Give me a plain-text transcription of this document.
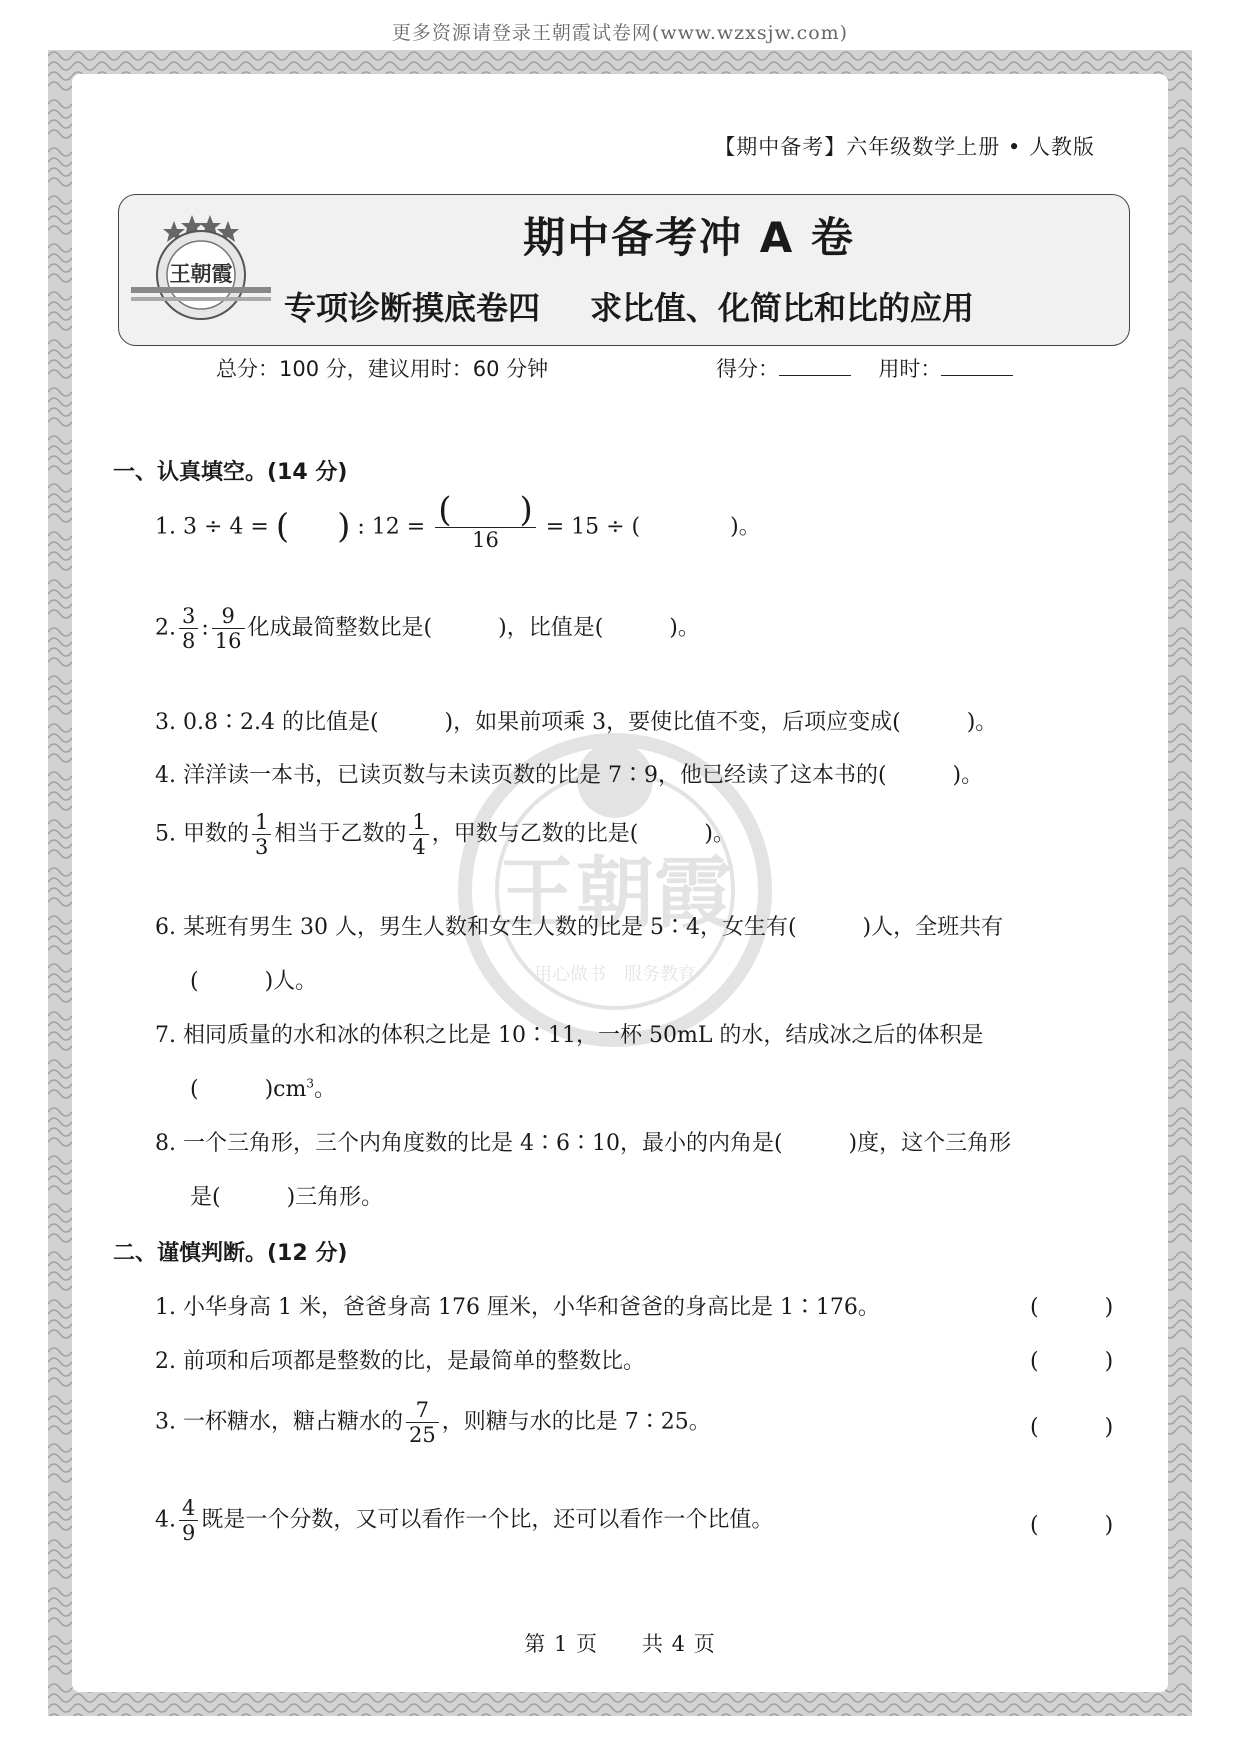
更多资源请登录王朝霞试卷网(www.wzxsjw.com)
【期中备考】六年级数学上册 • 人教版
王朝霞
期中备考冲 A 卷
专项诊断摸底卷四 求比值、化简比和比的应用
总分：100 分，建议用时：60 分钟	得分：	用时：
一、认真填空。(14 分)
1. 3 ÷ 4 = ( ) : $12 = \frac{( )}{16} = 15$ ÷ (	)。
2. $\frac{3}{8}$ : $\frac{9}{16}$ 化成最简整数比是(　　　)，比值是(　　　)。
3. 0.8∶2.4 的比值是(　　　)，如果前项乘 3，要使比值不变，后项应变成(　　　)。
4. 洋洋读一本书，已读页数与未读页数的比是 7∶9，他已经读了这本书的(　　　)。
5. 甲数的 $\frac{1}{3}$ 相当于乙数的 $\frac{1}{4}$ ，甲数与乙数的比是(　　　)。
6. 某班有男生 30 人，男生人数和女生人数的比是 5∶4，女生有(　　　)人，全班共有
(　　　)人。
7. 相同质量的水和冰的体积之比是 10∶11，一杯 50mL 的水，结成冰之后的体积是
(　　　)$cm^3$。
8. 一个三角形，三个内角度数的比是 4∶6∶10，最小的内角是(　　　)度，这个三角形
是(　　　)三角形。
二、谨慎判断。(12 分)
1. 小华身高 1 米，爸爸身高 176 厘米，小华和爸爸的身高比是 1∶176。	(　　　)
2. 前项和后项都是整数的比，是最简单的整数比。	(　　　)
3. 一杯糖水，糖占糖水的 $\frac{7}{25}$ ，则糖与水的比是 7∶25。	(　　　)
4. $\frac{4}{9}$ 既是一个分数，又可以看作一个比，还可以看作一个比值。	(　　　)
第 1 页　　共 4 页
